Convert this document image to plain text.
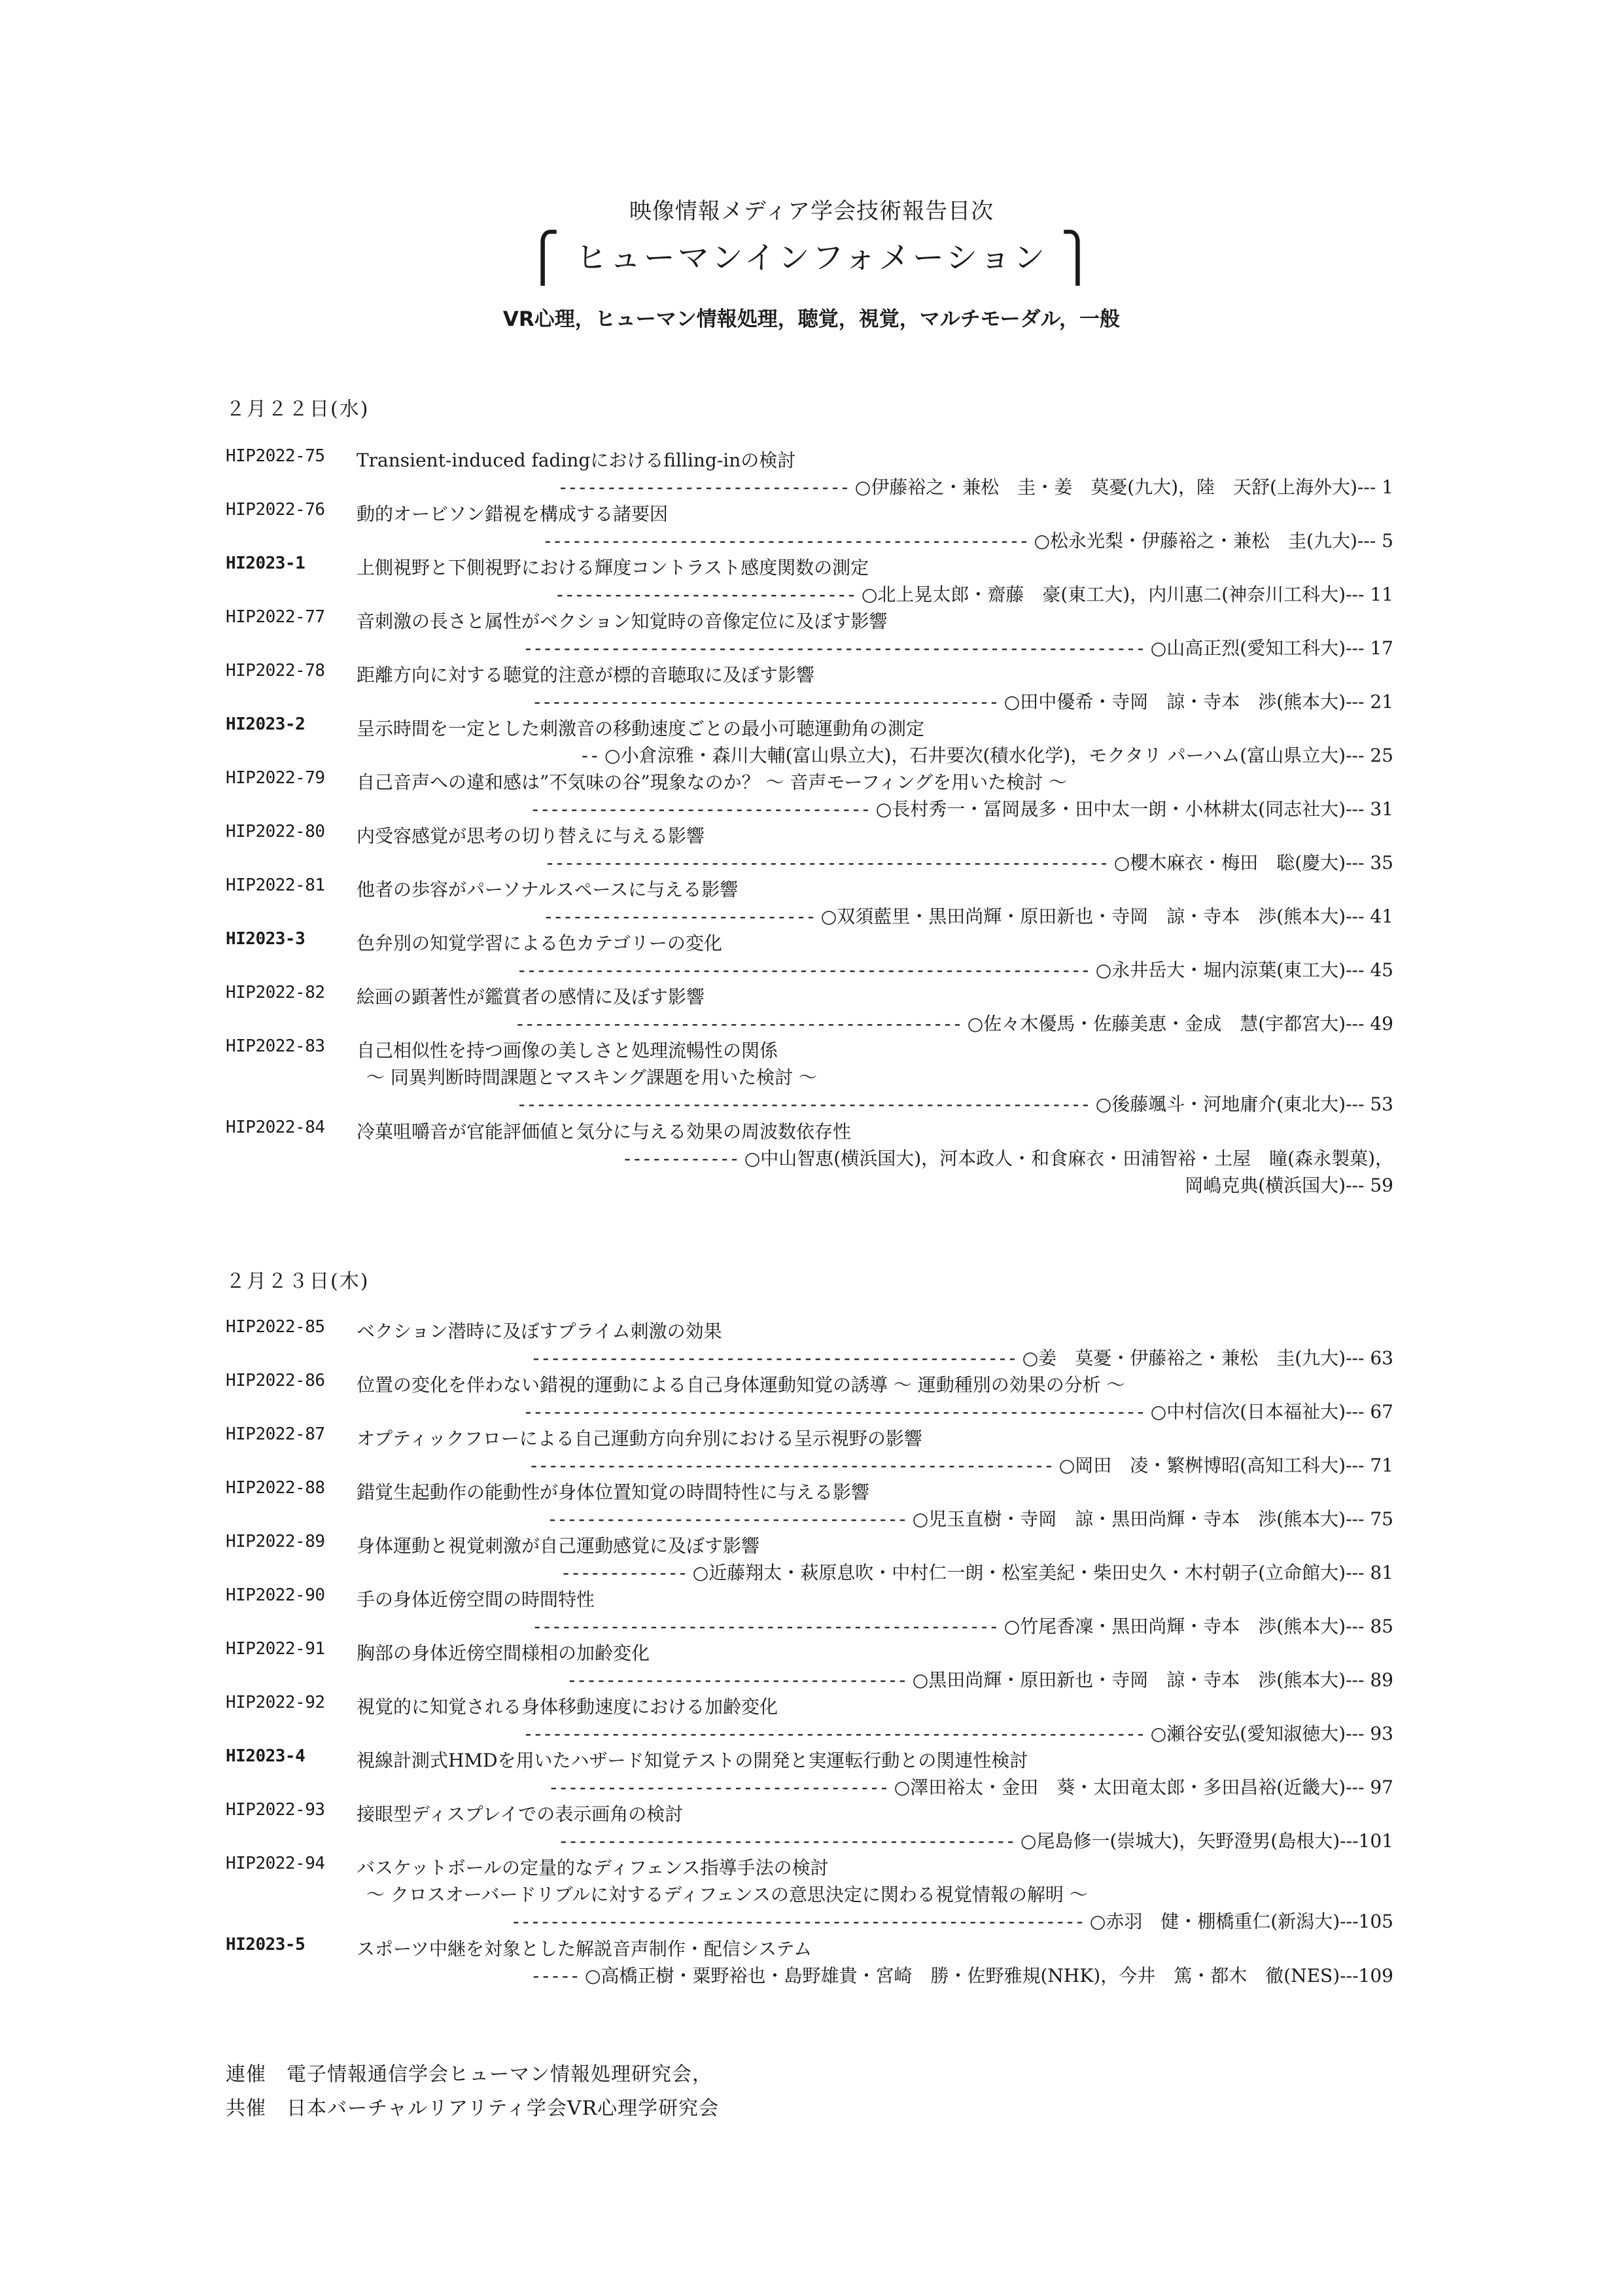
映像情報メディア学会技術報告目次
⎧ ヒューマンインフォメーション ⎫
VR心理，ヒューマン情報処理，聴覚，視覚，マルチモーダル，一般
２月２２日(水)
HIP2022-75	Transient-induced fadingにおけるfilling-inの検討
------------------------------ ○伊藤裕之・兼松　圭・姜　莫憂(九大)，陸　天舒(上海外大)--- 1
HIP2022-76	動的オービソン錯視を構成する諸要因
-------------------------------------------------- ○松永光梨・伊藤裕之・兼松　圭(九大)--- 5
HI2023-1	上側視野と下側視野における輝度コントラスト感度関数の測定
------------------------------- ○北上晃太郎・齋藤　豪(東工大)，内川惠二(神奈川工科大)--- 11
HIP2022-77	音刺激の長さと属性がベクション知覚時の音像定位に及ぼす影響
---------------------------------------------------------------- ○山高正烈(愛知工科大)--- 17
HIP2022-78	距離方向に対する聴覚的注意が標的音聴取に及ぼす影響
------------------------------------------------ ○田中優希・寺岡　諒・寺本　渉(熊本大)--- 21
HI2023-2	呈示時間を一定とした刺激音の移動速度ごとの最小可聴運動角の測定
-- ○小倉涼雅・森川大輔(富山県立大)，石井要次(積水化学)，モクタリ パーハム(富山県立大)--- 25
HIP2022-79	自己音声への違和感は”不気味の谷”現象なのか？ ～ 音声モーフィングを用いた検討 ～
----------------------------------- ○長村秀一・冨岡晟多・田中太一朗・小林耕太(同志社大)--- 31
HIP2022-80	内受容感覚が思考の切り替えに与える影響
---------------------------------------------------------- ○櫻木麻衣・梅田　聡(慶大)--- 35
HIP2022-81	他者の歩容がパーソナルスペースに与える影響
---------------------------- ○双須藍里・黒田尚輝・原田新也・寺岡　諒・寺本　渉(熊本大)--- 41
HI2023-3	色弁別の知覚学習による色カテゴリーの変化
----------------------------------------------------------- ○永井岳大・堀内涼葉(東工大)--- 45
HIP2022-82	絵画の顕著性が鑑賞者の感情に及ぼす影響
---------------------------------------------- ○佐々木優馬・佐藤美恵・金成　慧(宇都宮大)--- 49
HIP2022-83	自己相似性を持つ画像の美しさと処理流暢性の関係
～ 同異判断時間課題とマスキング課題を用いた検討 ～
----------------------------------------------------------- ○後藤颯斗・河地庸介(東北大)--- 53
HIP2022-84	冷菓咀嚼音が官能評価値と気分に与える効果の周波数依存性
------------ ○中山智恵(横浜国大)，河本政人・和食麻衣・田浦智裕・土屋　瞳(森永製菓)，
岡嶋克典(横浜国大)--- 59
２月２３日(木)
HIP2022-85	ベクション潜時に及ぼすプライム刺激の効果
-------------------------------------------------- ○姜　莫憂・伊藤裕之・兼松　圭(九大)--- 63
HIP2022-86	位置の変化を伴わない錯視的運動による自己身体運動知覚の誘導 ～ 運動種別の効果の分析 ～
---------------------------------------------------------------- ○中村信次(日本福祉大)--- 67
HIP2022-87	オプティックフローによる自己運動方向弁別における呈示視野の影響
------------------------------------------------------ ○岡田　凌・繁桝博昭(高知工科大)--- 71
HIP2022-88	錯覚生起動作の能動性が身体位置知覚の時間特性に与える影響
------------------------------------- ○児玉直樹・寺岡　諒・黒田尚輝・寺本　渉(熊本大)--- 75
HIP2022-89	身体運動と視覚刺激が自己運動感覚に及ぼす影響
------------- ○近藤翔太・萩原息吹・中村仁一朗・松室美紀・柴田史久・木村朝子(立命館大)--- 81
HIP2022-90	手の身体近傍空間の時間特性
------------------------------------------------ ○竹尾香凜・黒田尚輝・寺本　渉(熊本大)--- 85
HIP2022-91	胸部の身体近傍空間様相の加齢変化
----------------------------------- ○黒田尚輝・原田新也・寺岡　諒・寺本　渉(熊本大)--- 89
HIP2022-92	視覚的に知覚される身体移動速度における加齢変化
---------------------------------------------------------------- ○瀬谷安弘(愛知淑徳大)--- 93
HI2023-4	視線計測式HMDを用いたハザード知覚テストの開発と実運転行動との関連性検討
----------------------------------- ○澤田裕太・金田　葵・太田竜太郎・多田昌裕(近畿大)--- 97
HIP2022-93	接眼型ディスプレイでの表示画角の検討
----------------------------------------------- ○尾島修一(崇城大)，矢野澄男(島根大)---101
HIP2022-94	バスケットボールの定量的なディフェンス指導手法の検討
～ クロスオーバードリブルに対するディフェンスの意思決定に関わる視覚情報の解明 ～
----------------------------------------------------------- ○赤羽　健・棚橋重仁(新潟大)---105
HI2023-5	スポーツ中継を対象とした解説音声制作・配信システム
----- ○高橋正樹・粟野裕也・島野雄貴・宮崎　勝・佐野雅規(NHK)，今井　篤・都木　徹(NES)---109
連催　電子情報通信学会ヒューマン情報処理研究会，
共催　日本バーチャルリアリティ学会VR心理学研究会
